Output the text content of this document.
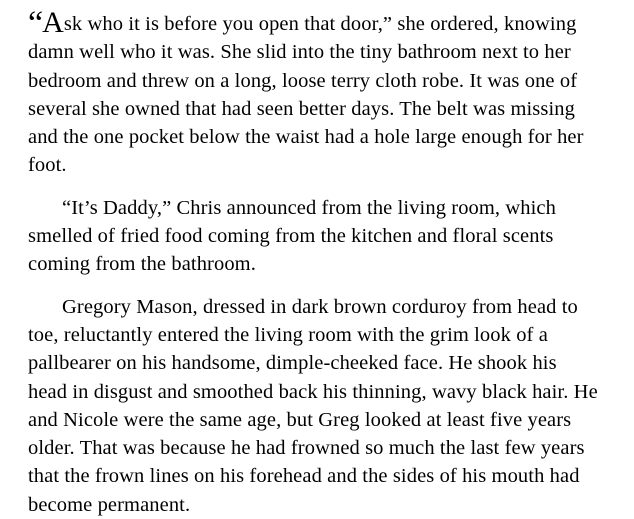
“Ask who it is before you open that door,” she ordered, knowing damn well who it was. She slid into the tiny bathroom next to her bedroom and threw on a long, loose terry cloth robe. It was one of several she owned that had seen better days. The belt was missing and the one pocket below the waist had a hole large enough for her foot.

“It’s Daddy,” Chris announced from the living room, which smelled of fried food coming from the kitchen and floral scents coming from the bathroom.

Gregory Mason, dressed in dark brown corduroy from head to toe, reluctantly entered the living room with the grim look of a pallbearer on his handsome, dimple-cheeked face. He shook his head in disgust and smoothed back his thinning, wavy black hair. He and Nicole were the same age, but Greg looked at least five years older. That was because he had frowned so much the last few years that the frown lines on his forehead and the sides of his mouth had become permanent.
